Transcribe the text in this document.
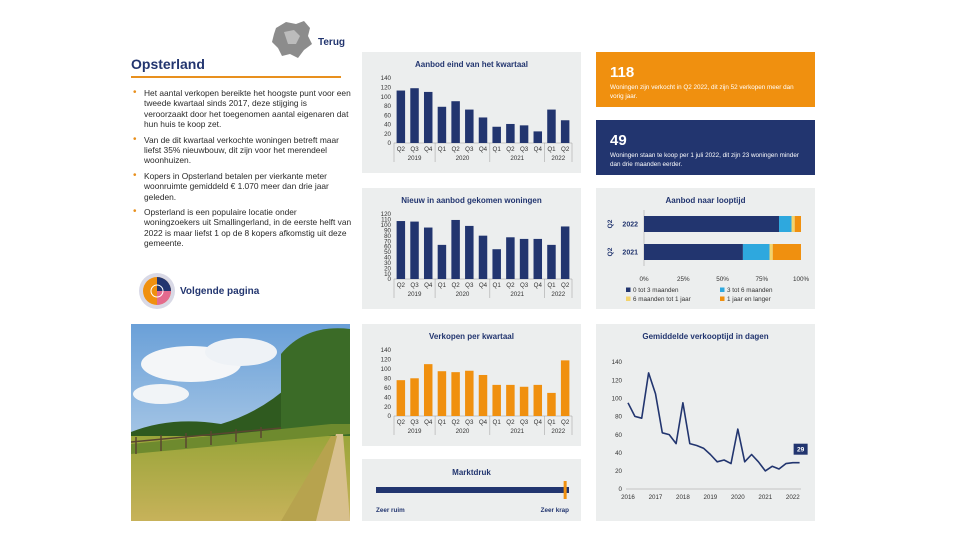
Terug
Opsterland
• Het aantal verkopen bereikte het hoogste punt voor een tweede kwartaal sinds 2017, deze stijging is veroorzaakt door het toegenomen aantal eigenaren dat hun huis te koop zet.
• Van de dit kwartaal verkochte woningen betreft maar liefst 35% nieuwbouw, dit zijn voor het merendeel woonhuizen.
• Kopers in Opsterland betalen per vierkante meter woonruimte gemiddeld € 1.070 meer dan drie jaar geleden.
• Opsterland is een populaire locatie onder woningzoekers uit Smallingerland, in de eerste helft van 2022 is maar liefst 1 op de 8 kopers afkomstig uit deze gemeente.
Volgende pagina
Aanbod eind van het kwartaal
0
20
40
60
80
100
120
140
Q2 Q3 Q4 Q1 Q2 Q3 Q4 Q1 Q2 Q3 Q4 Q1 Q2
2019	2020	2021	2022
Nieuw in aanbod gekomen woningen
0
10
20
30
40
50
60
70
80
90
100
110
120
Q2 Q3 Q4 Q1 Q2 Q3 Q4 Q1 Q2 Q3 Q4 Q1 Q2
2019	2020	2021	2022
Verkopen per kwartaal
0
20
40
60
80
100
120
140
Q2 Q3 Q4 Q1 Q2 Q3 Q4 Q1 Q2 Q3 Q4 Q1 Q2
2019	2020	2021	2022
Marktdruk
Zeer ruim	Zeer krap
118
Woningen zijn verkocht in Q2 2022, dit zijn 52 verkopen meer dan vorig jaar.
49
Woningen staan te koop per 1 juli 2022, dit zijn 23 woningen minder dan drie maanden eerder.
Aanbod naar looptijd
2022
Q2
2021
Q2
0%	25%	50%	75%	100%
0 tot 3 maanden	3 tot 6 maanden
6 maanden tot 1 jaar	1 jaar en langer
Gemiddelde verkooptijd in dagen
0
20
40
60
80
100
120
140
2016 2017 2018 2019 2020 2021 2022
29
